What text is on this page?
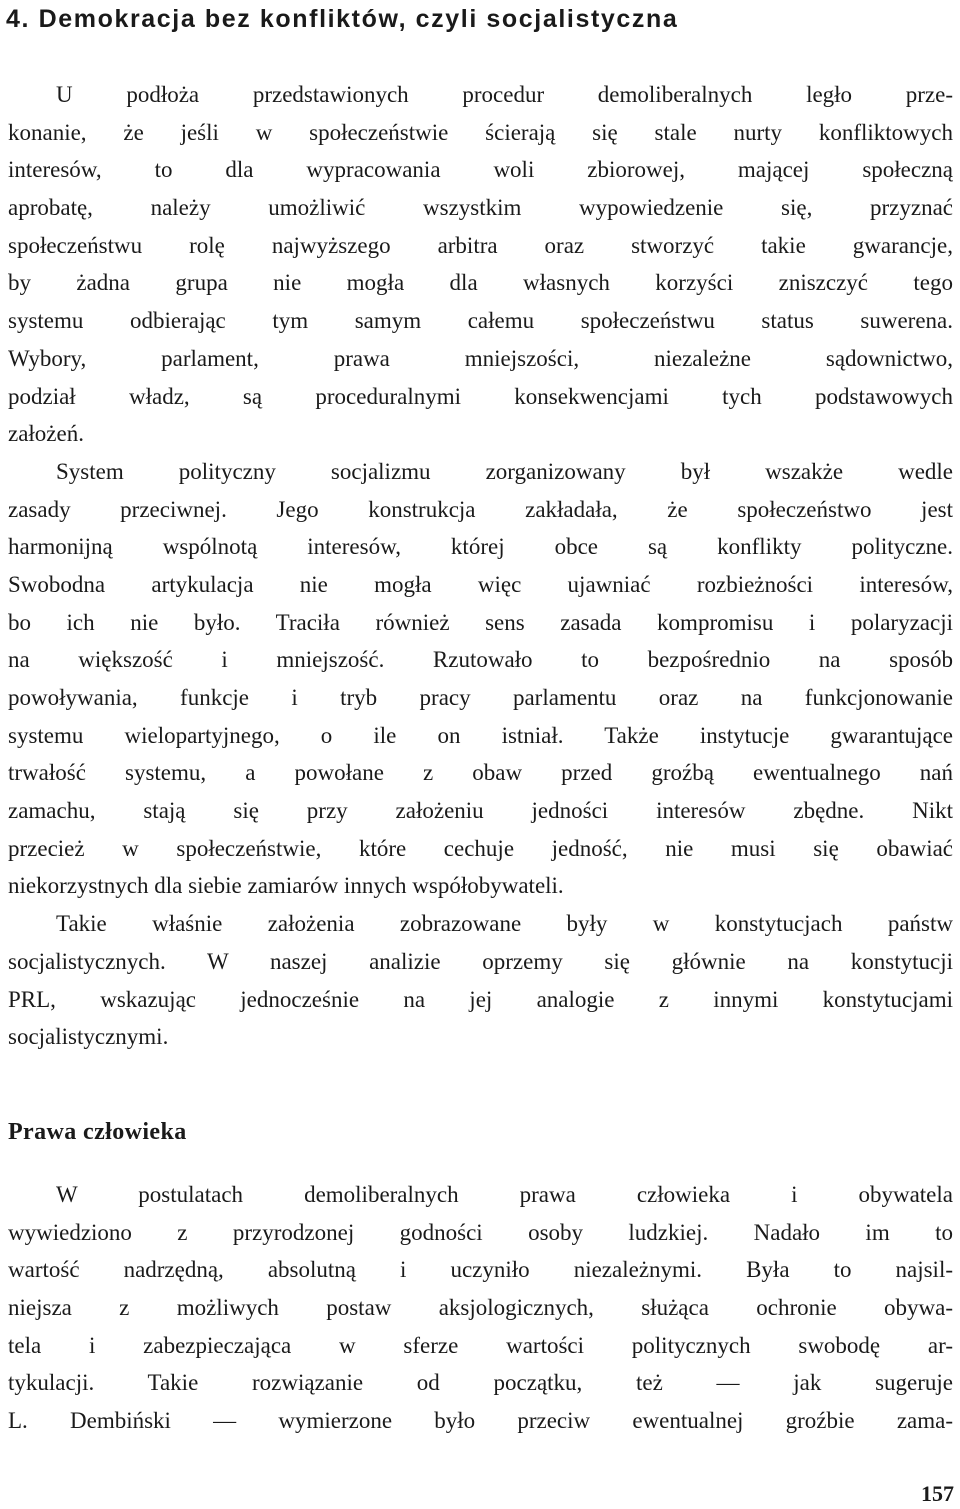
4. Demokracja bez konfliktów, czyli socjalistyczna
U podłoża przedstawionych procedur demoliberalnych legło prze-
konanie, że jeśli w społeczeństwie ścierają się stale nurty konfliktowych
interesów, to dla wypracowania woli zbiorowej, mającej społeczną
aprobatę, należy umożliwić wszystkim wypowiedzenie się, przyznać
społeczeństwu rolę najwyższego arbitra oraz stworzyć takie gwarancje,
by żadna grupa nie mogła dla własnych korzyści zniszczyć tego
systemu odbierając tym samym całemu społeczeństwu status suwerena.
Wybory, parlament, prawa mniejszości, niezależne sądownictwo,
podział władz, są proceduralnymi konsekwencjami tych podstawowych
założeń.
System polityczny socjalizmu zorganizowany był wszakże wedle
zasady przeciwnej. Jego konstrukcja zakładała, że społeczeństwo jest
harmonijną wspólnotą interesów, której obce są konflikty polityczne.
Swobodna artykulacja nie mogła więc ujawniać rozbieżności interesów,
bo ich nie było. Traciła również sens zasada kompromisu i polaryzacji
na większość i mniejszość. Rzutowało to bezpośrednio na sposób
powoływania, funkcje i tryb pracy parlamentu oraz na funkcjonowanie
systemu wielopartyjnego, o ile on istniał. Także instytucje gwarantujące
trwałość systemu, a powołane z obaw przed groźbą ewentualnego nań
zamachu, stają się przy założeniu jedności interesów zbędne. Nikt
przecież w społeczeństwie, które cechuje jedność, nie musi się obawiać
niekorzystnych dla siebie zamiarów innych współobywateli.
Takie właśnie założenia zobrazowane były w konstytucjach państw
socjalistycznych. W naszej analizie oprzemy się głównie na konstytucji
PRL, wskazując jednocześnie na jej analogie z innymi konstytucjami
socjalistycznymi.
Prawa człowieka
W postulatach demoliberalnych prawa człowieka i obywatela
wywiedziono z przyrodzonej godności osoby ludzkiej. Nadało im to
wartość nadrzędną, absolutną i uczyniło niezależnymi. Była to najsil-
niejsza z możliwych postaw aksjologicznych, służąca ochronie obywa-
tela i zabezpieczająca w sferze wartości politycznych swobodę ar-
tykulacji. Takie rozwiązanie od początku, też — jak sugeruje
L. Dembiński — wymierzone było przeciw ewentualnej groźbie zama-
157
